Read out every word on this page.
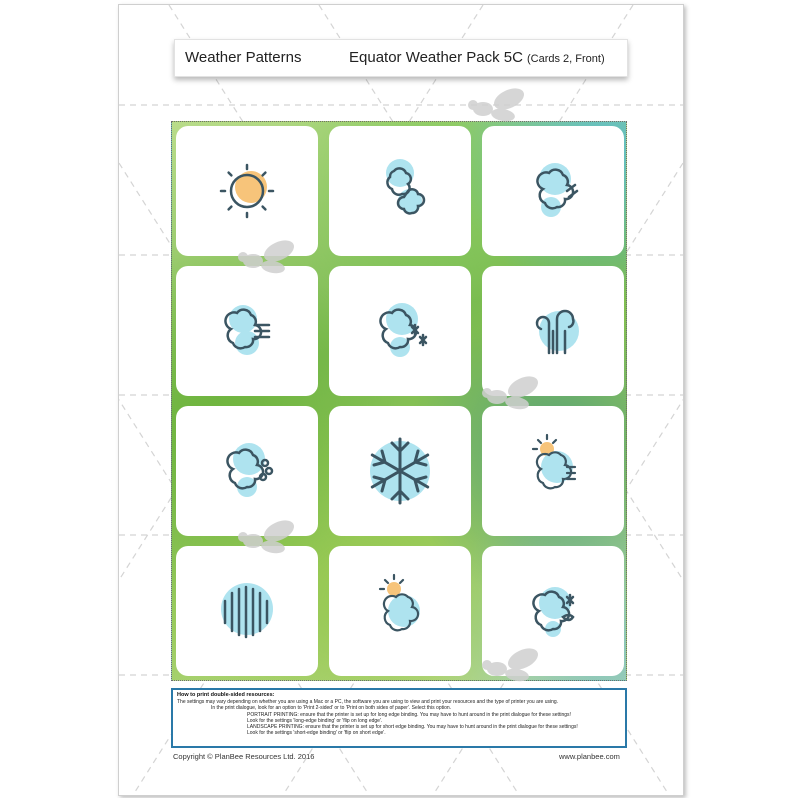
Weather Patterns	Equator Weather Pack 5C (Cards 2, Front)
How to print double-sided resources:
The settings may vary depending on whether you are using a Mac or a PC, the software you are using to view and print your resources and the type of printer you are using.
In the print dialogue, look for an option to 'Print 2-sided' or to 'Print on both sides of paper'. Select this option.
PORTRAIT PRINTING: ensure that the printer is set up for long edge binding. You may have to hunt around in the print dialogue for these settings!
Look for the settings 'long-edge binding' or 'flip on long edge'.
LANDSCAPE PRINTING: ensure that the printer is set up for short edge binding. You may have to hunt around in the print dialogue for these settings!
Look for the settings 'short-edge binding' or 'flip on short edge'.
Copyright © PlanBee Resources Ltd. 2016	www.planbee.com
